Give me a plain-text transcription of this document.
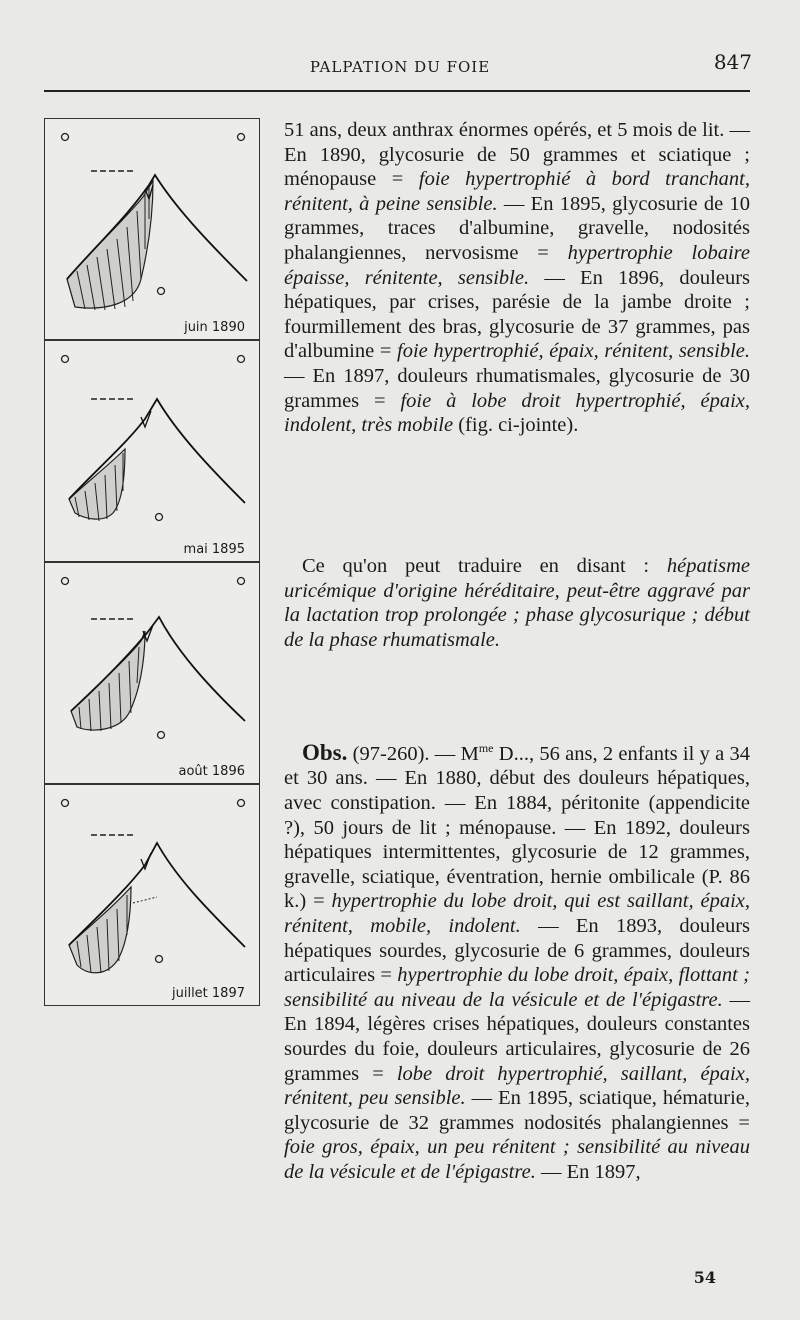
PALPATION DU FOIE	847
juin 1890
mai 1895
août 1896
juillet 1897

51 ans, deux anthrax énormes opérés, et 5 mois de lit. — En 1890, glycosurie de 50 grammes et sciatique ; ménopause = foie hypertrophié à bord tranchant, rénitent, à peine sensible. — En 1895, glycosurie de 10 grammes, traces d'albumine, gravelle, nodosités phalangiennes, nervosisme = hypertrophie lobaire épaisse, rénitente, sensible. — En 1896, douleurs hépatiques, par crises, parésie de la jambe droite ; fourmillement des bras, glycosurie de 37 grammes, pas d'albumine = foie hypertrophié, épaix, rénitent, sensible. — En 1897, douleurs rhumatismales, glycosurie de 30 grammes = foie à lobe droit hypertrophié, épaix, indolent, très mobile (fig. ci-jointe).

Ce qu'on peut traduire en disant : hépatisme uricémique d'origine héréditaire, peut-être aggravé par la lactation trop prolongée ; phase glycosurique ; début de la phase rhumatismale.

Obs. (97-260). — $M^{me}$ D..., 56 ans, 2 enfants il y a 34 et 30 ans. — En 1880, début des douleurs hépatiques, avec constipation. — En 1884, péritonite (appendicite ?), 50 jours de lit ; ménopause. — En 1892, douleurs hépatiques intermittentes, glycosurie de 12 grammes, gravelle, sciatique, éventration, hernie ombilicale (P. 86 k.) = hypertrophie du lobe droit, qui est saillant, épaix, rénitent, mobile, indolent. — En 1893, douleurs hépatiques sourdes, glycosurie de 6 grammes, douleurs articulaires = hypertrophie du lobe droit, épaix, flottant ; sensibilité au niveau de la vésicule et de l'épigastre. — En 1894, légères crises hépatiques, douleurs constantes sourdes du foie, douleurs articulaires, glycosurie de 26 grammes = lobe droit hypertrophié, saillant, épaix, rénitent, peu sensible. — En 1895, sciatique, hématurie, glycosurie de 32 grammes nodosités phalangiennes = foie gros, épaix, un peu rénitent ; sensibilité au niveau de la vésicule et de l'épigastre. — En 1897,

54
